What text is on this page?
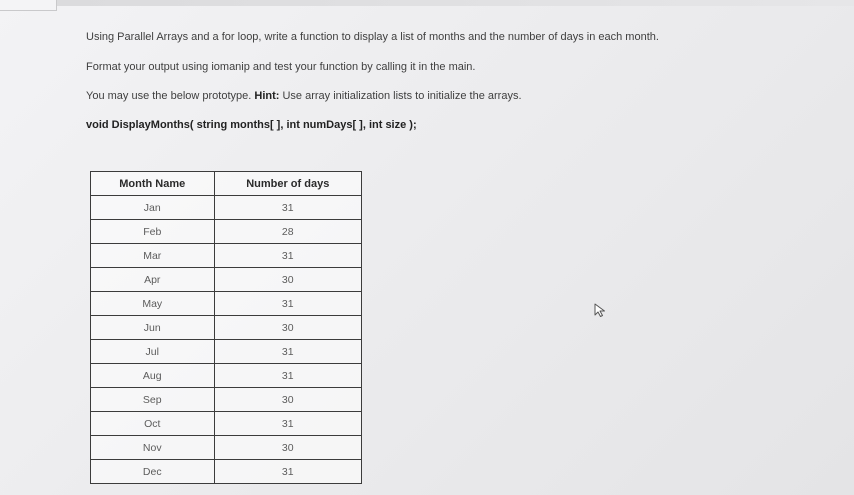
Using Parallel Arrays and a for loop, write a function to display a list of months and the number of days in each month.
Format your output using iomanip and test your function by calling it in the main.
You may use the below prototype. Hint: Use array initialization lists to initialize the arrays.
void DisplayMonths( string months[ ], int numDays[ ], int size );
Month Name	Number of days
Jan	31
Feb	28
Mar	31
Apr	30
May	31
Jun	30
Jul	31
Aug	31
Sep	30
Oct	31
Nov	30
Dec	31
